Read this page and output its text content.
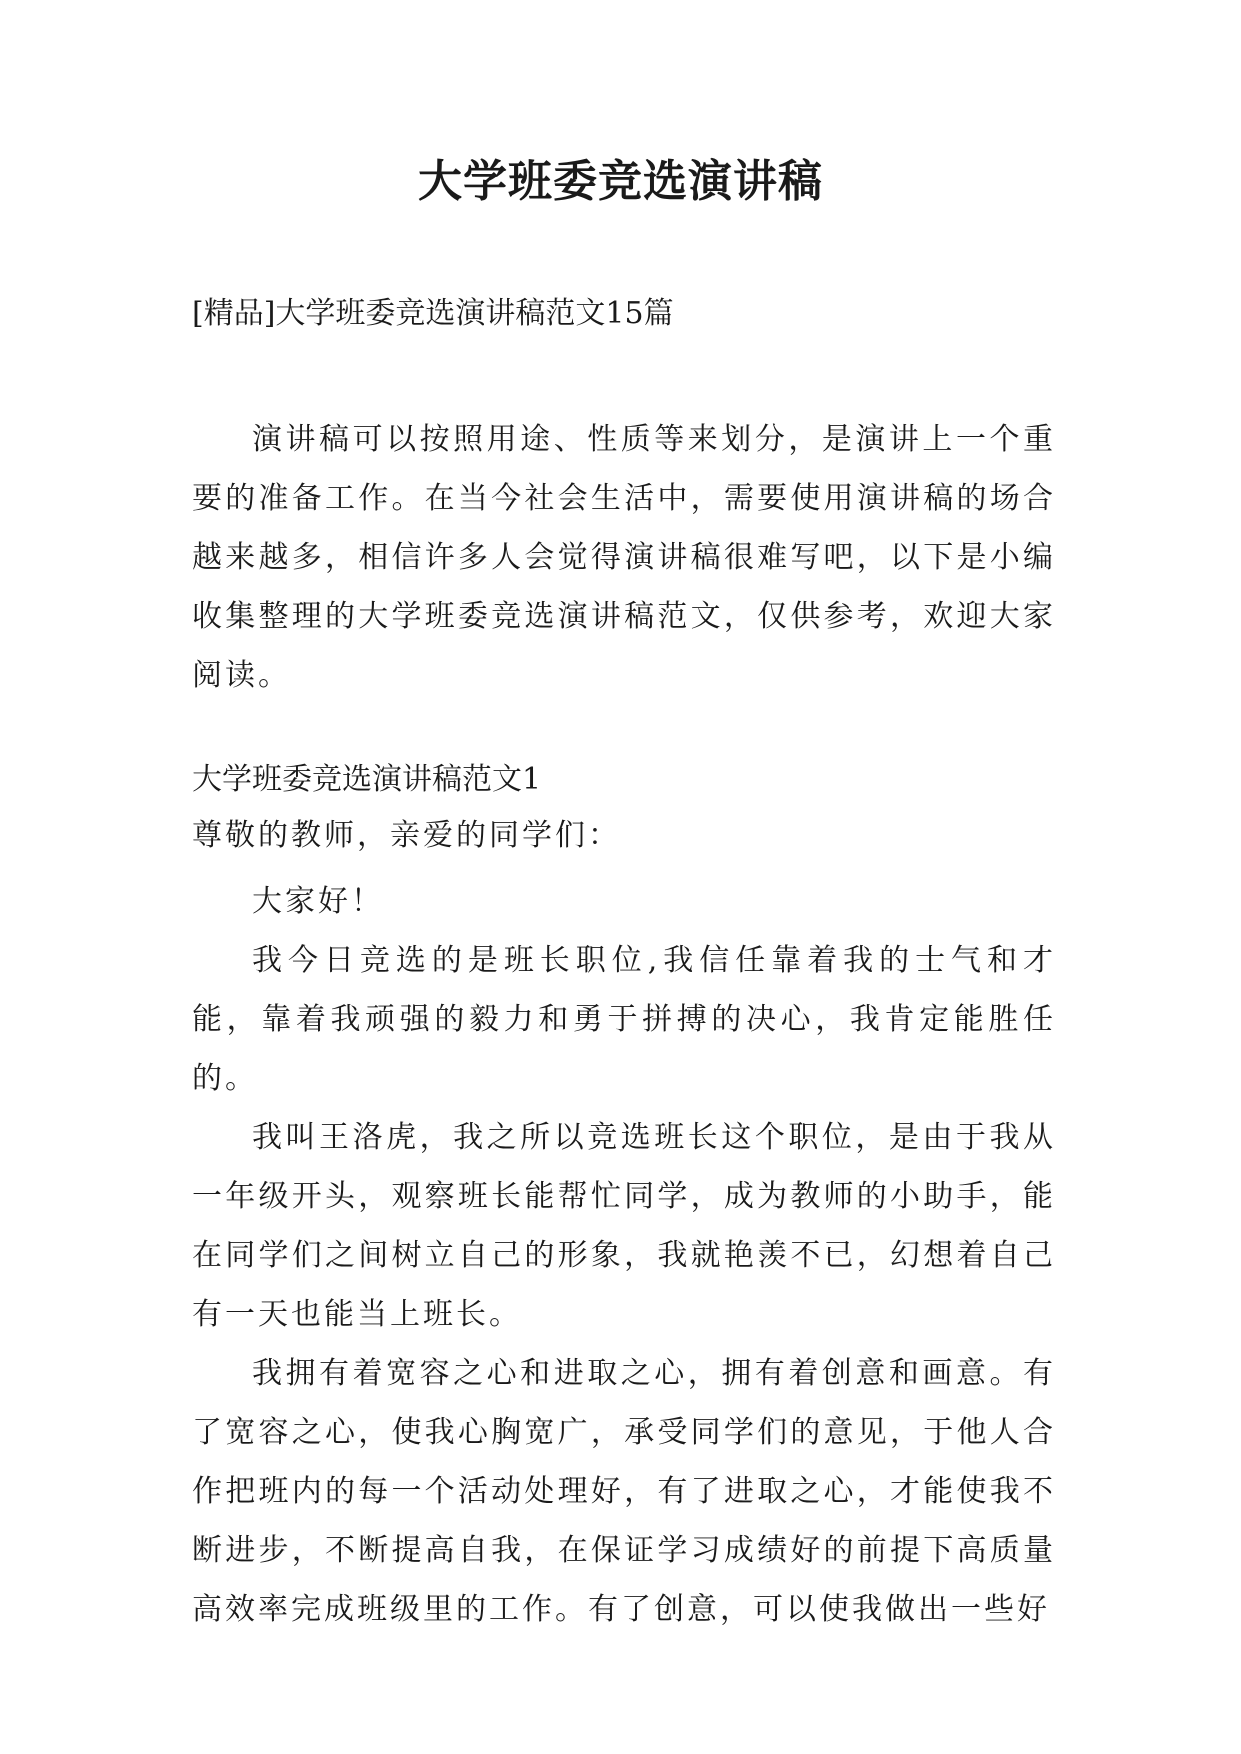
大学班委竞选演讲稿
[精品]大学班委竞选演讲稿范文15篇

演讲稿可以按照用途、性质等来划分，是演讲上一个重要的准备工作。在当今社会生活中，需要使用演讲稿的场合越来越多，相信许多人会觉得演讲稿很难写吧，以下是小编收集整理的大学班委竞选演讲稿范文，仅供参考，欢迎大家阅读。

大学班委竞选演讲稿范文1
尊敬的教师，亲爱的同学们：

大家好！

我今日竞选的是班长职位,我信任靠着我的士气和才能，靠着我顽强的毅力和勇于拼搏的决心，我肯定能胜任的。

我叫王洛虎，我之所以竞选班长这个职位，是由于我从一年级开头，观察班长能帮忙同学，成为教师的小助手，能在同学们之间树立自己的形象，我就艳羡不已，幻想着自己有一天也能当上班长。

我拥有着宽容之心和进取之心，拥有着创意和画意。有了宽容之心，使我心胸宽广，承受同学们的意见，于他人合作把班内的每一个活动处理好，有了进取之心，才能使我不断进步，不断提高自我，在保证学习成绩好的前提下高质量高效率完成班级里的工作。有了创意，可以使我做出一些好
